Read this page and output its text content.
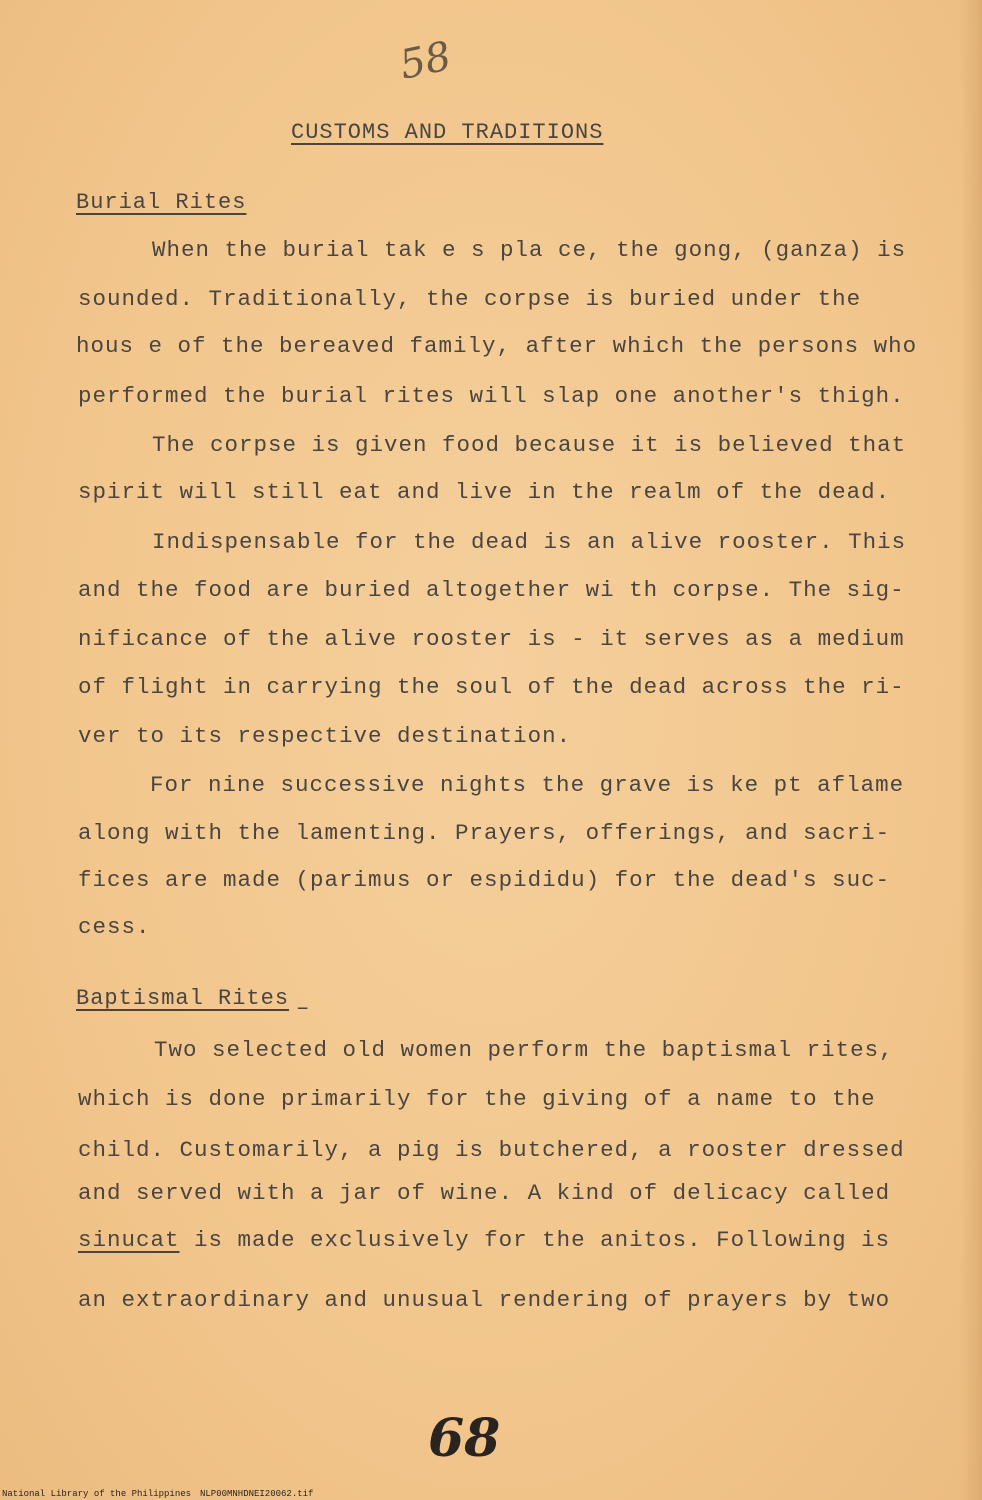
58
CUSTOMS AND TRADITIONS
Burial Rites
When the burial tak e s pla ce, the gong, (ganza) is
sounded. Traditionally, the corpse is buried under the
hous e of the bereaved family, after which the persons who
performed the burial rites will slap one another's thigh.
The corpse is given food because it is believed that
spirit will still eat and live in the realm of the dead.
Indispensable for the dead is an alive rooster. This
and the food are buried altogether wi th corpse. The sig-
nificance of the alive rooster is - it serves as a medium
of flight in carrying the soul of the dead across the ri-
ver to its respective destination.
For nine successive nights the grave is ke pt aflame
along with the lamenting. Prayers, offerings, and sacri-
fices are made (parimus or espididu) for the dead's suc-
cess.
Baptismal Rites –
Two selected old women perform the baptismal rites,
which is done primarily for the giving of a name to the
child. Customarily, a pig is butchered, a rooster dressed
and served with a jar of wine. A kind of delicacy called
sinucat is made exclusively for the anitos. Following is
an extraordinary and unusual rendering of prayers by two
68
National Library of the Philippines NLP00MNHDNEI20062.tif
